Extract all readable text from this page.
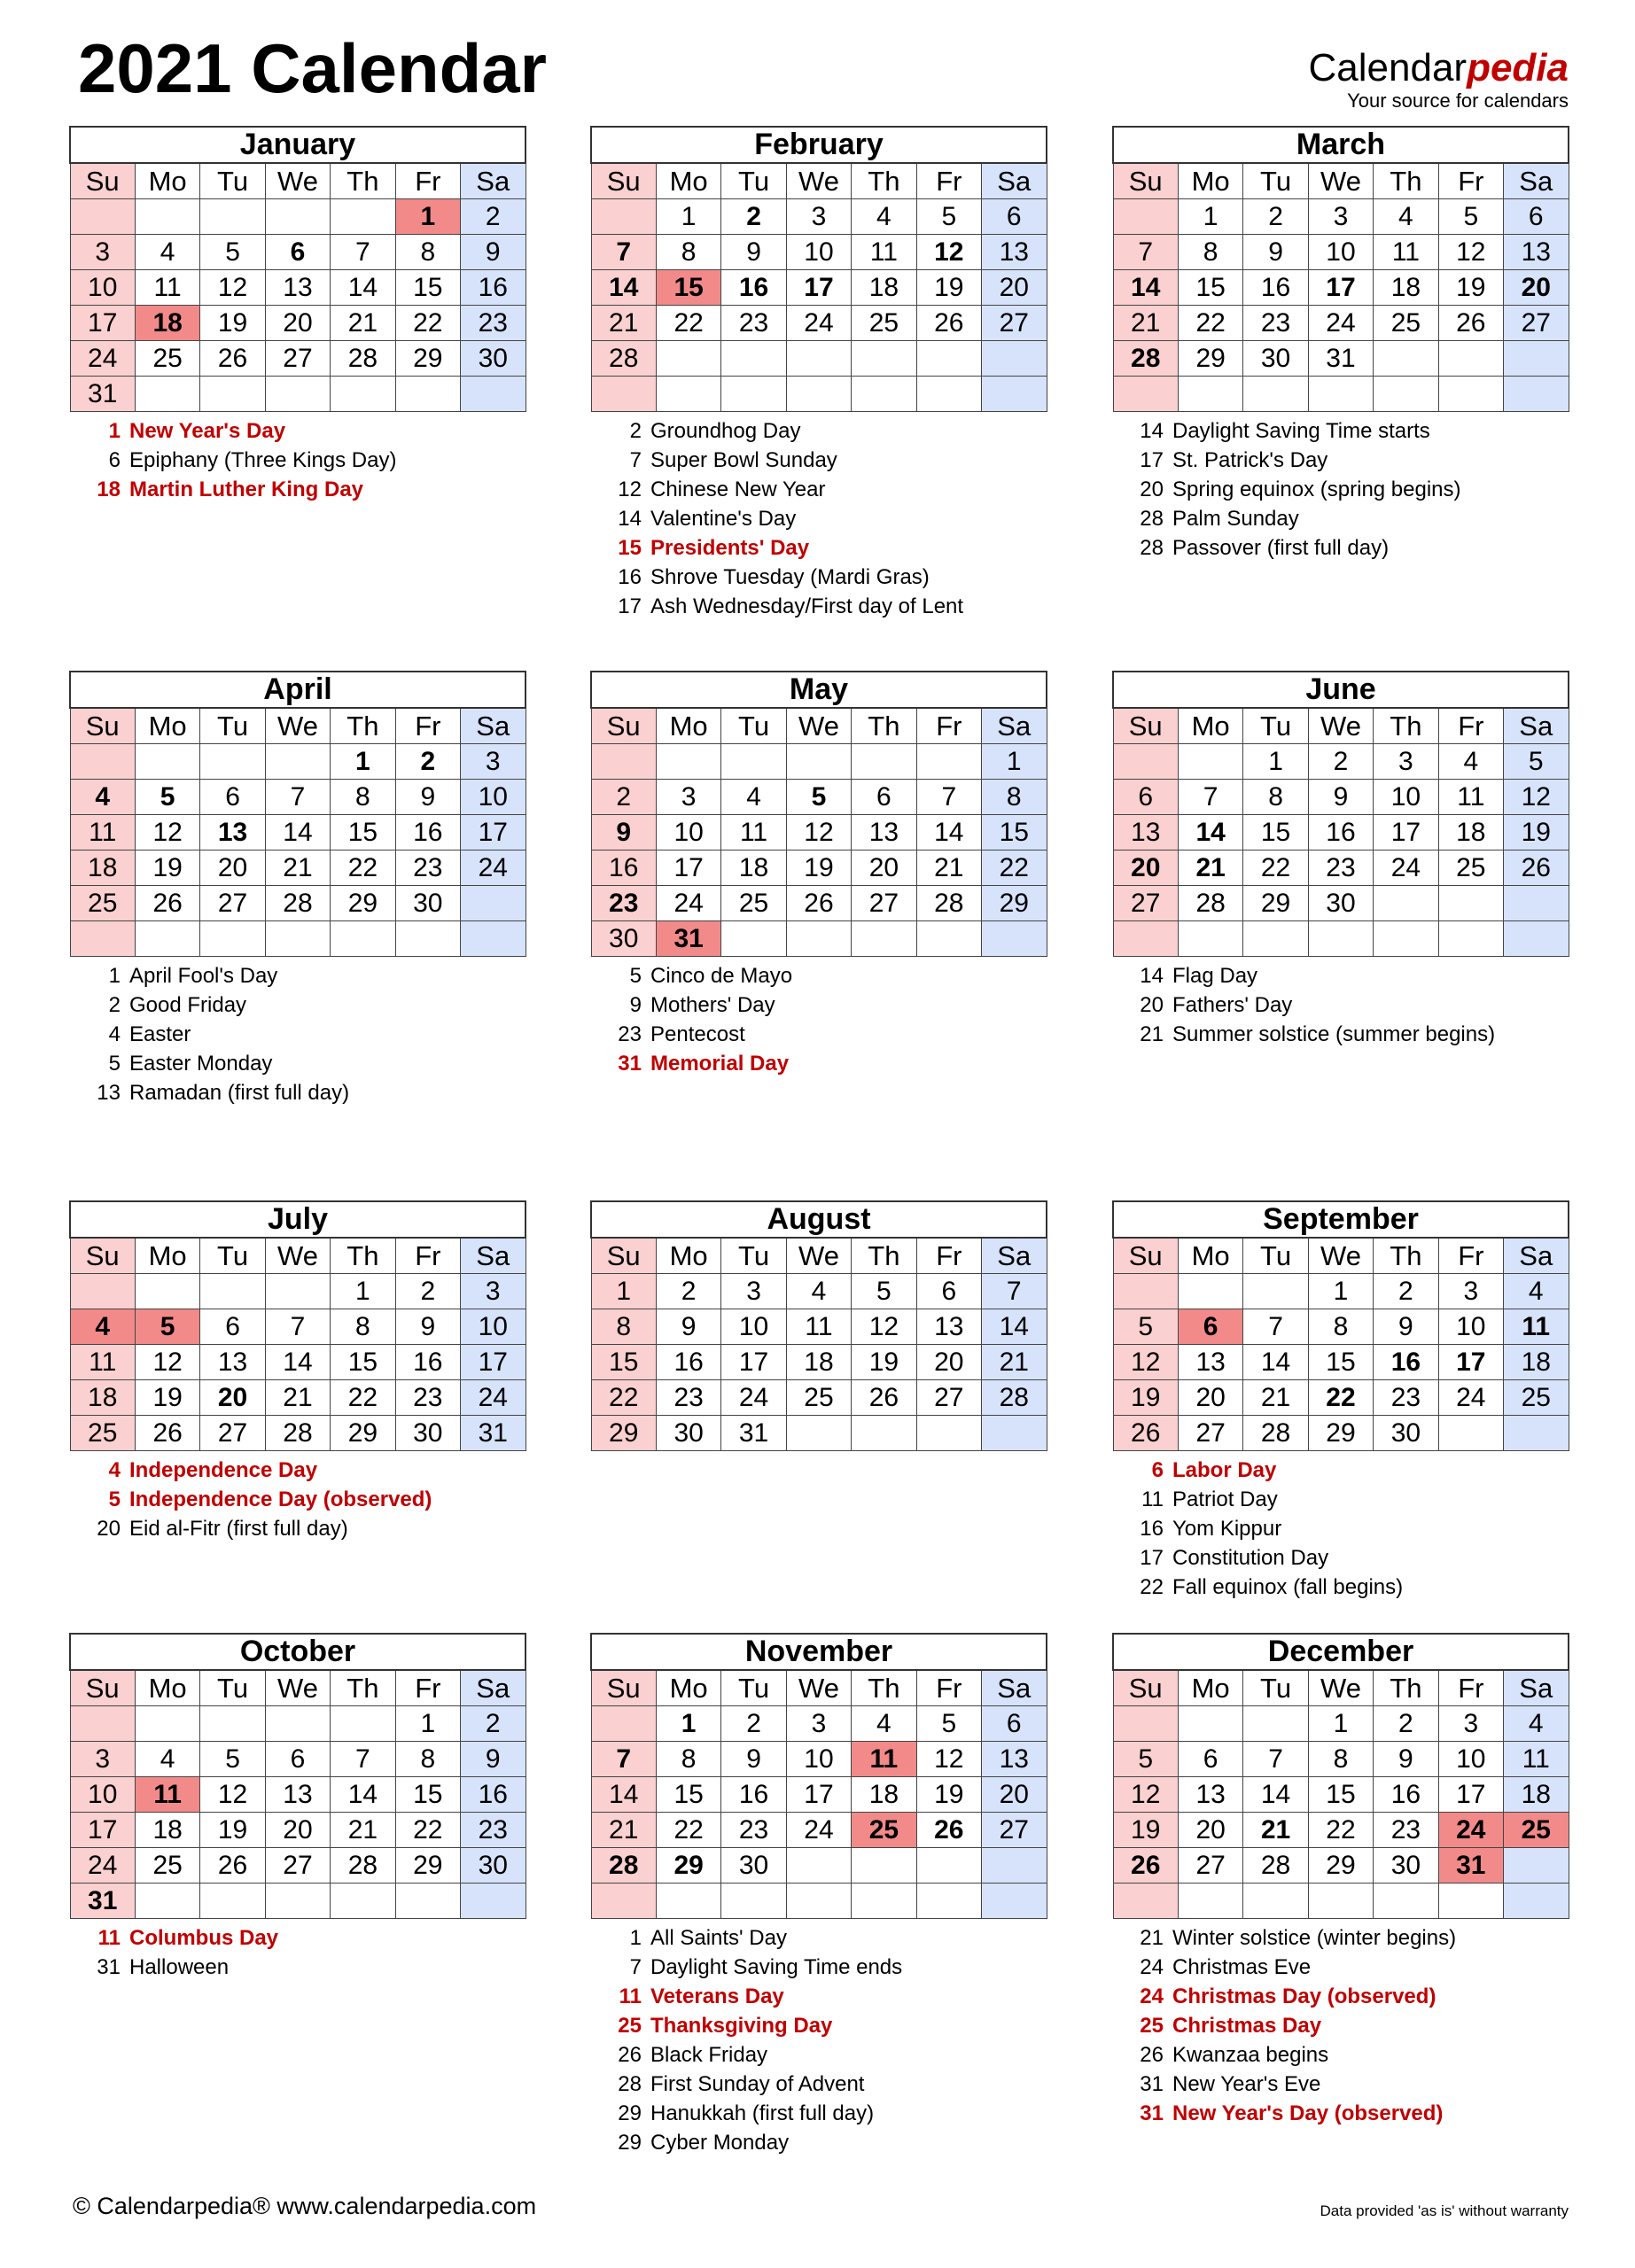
2021 Calendar	Calendarpedia
Your source for calendars
January						
Su	Mo	Tu	We	Th	Fr	Sa
					1	2
3	4	5	6	7	8	9
10	11	12	13	14	15	16
17	18	19	20	21	22	23
24	25	26	27	28	29	30
31						
1 New Year's Day
6 Epiphany (Three Kings Day)
18 Martin Luther King Day
February						
Su	Mo	Tu	We	Th	Fr	Sa
	1	2	3	4	5	6
7	8	9	10	11	12	13
14	15	16	17	18	19	20
21	22	23	24	25	26	27
28						

2 Groundhog Day
7 Super Bowl Sunday
12 Chinese New Year
14 Valentine's Day
15 Presidents' Day
16 Shrove Tuesday (Mardi Gras)
17 Ash Wednesday/First day of Lent
March						
Su	Mo	Tu	We	Th	Fr	Sa
	1	2	3	4	5	6
7	8	9	10	11	12	13
14	15	16	17	18	19	20
21	22	23	24	25	26	27
28	29	30	31			

14 Daylight Saving Time starts
17 St. Patrick's Day
20 Spring equinox (spring begins)
28 Palm Sunday
28 Passover (first full day)
April						
Su	Mo	Tu	We	Th	Fr	Sa
				1	2	3
4	5	6	7	8	9	10
11	12	13	14	15	16	17
18	19	20	21	22	23	24
25	26	27	28	29	30	

1 April Fool's Day
2 Good Friday
4 Easter
5 Easter Monday
13 Ramadan (first full day)
May						
Su	Mo	Tu	We	Th	Fr	Sa
						1
2	3	4	5	6	7	8
9	10	11	12	13	14	15
16	17	18	19	20	21	22
23	24	25	26	27	28	29
30	31					
5 Cinco de Mayo
9 Mothers' Day
23 Pentecost
31 Memorial Day
June						
Su	Mo	Tu	We	Th	Fr	Sa
		1	2	3	4	5
6	7	8	9	10	11	12
13	14	15	16	17	18	19
20	21	22	23	24	25	26
27	28	29	30			

14 Flag Day
20 Fathers' Day
21 Summer solstice (summer begins)
July						
Su	Mo	Tu	We	Th	Fr	Sa
				1	2	3
4	5	6	7	8	9	10
11	12	13	14	15	16	17
18	19	20	21	22	23	24
25	26	27	28	29	30	31
4 Independence Day
5 Independence Day (observed)
20 Eid al-Fitr (first full day)
August						
Su	Mo	Tu	We	Th	Fr	Sa
1	2	3	4	5	6	7
8	9	10	11	12	13	14
15	16	17	18	19	20	21
22	23	24	25	26	27	28
29	30	31				
September						
Su	Mo	Tu	We	Th	Fr	Sa
			1	2	3	4
5	6	7	8	9	10	11
12	13	14	15	16	17	18
19	20	21	22	23	24	25
26	27	28	29	30		
6 Labor Day
11 Patriot Day
16 Yom Kippur
17 Constitution Day
22 Fall equinox (fall begins)
October						
Su	Mo	Tu	We	Th	Fr	Sa
					1	2
3	4	5	6	7	8	9
10	11	12	13	14	15	16
17	18	19	20	21	22	23
24	25	26	27	28	29	30
31						
11 Columbus Day
31 Halloween
November						
Su	Mo	Tu	We	Th	Fr	Sa
	1	2	3	4	5	6
7	8	9	10	11	12	13
14	15	16	17	18	19	20
21	22	23	24	25	26	27
28	29	30				

1 All Saints' Day
7 Daylight Saving Time ends
11 Veterans Day
25 Thanksgiving Day
26 Black Friday
28 First Sunday of Advent
29 Hanukkah (first full day)
29 Cyber Monday
December						
Su	Mo	Tu	We	Th	Fr	Sa
			1	2	3	4
5	6	7	8	9	10	11
12	13	14	15	16	17	18
19	20	21	22	23	24	25
26	27	28	29	30	31	

21 Winter solstice (winter begins)
24 Christmas Eve
24 Christmas Day (observed)
25 Christmas Day
26 Kwanzaa begins
31 New Year's Eve
31 New Year's Day (observed)
© Calendarpedia® www.calendarpedia.com	Data provided 'as is' without warranty
